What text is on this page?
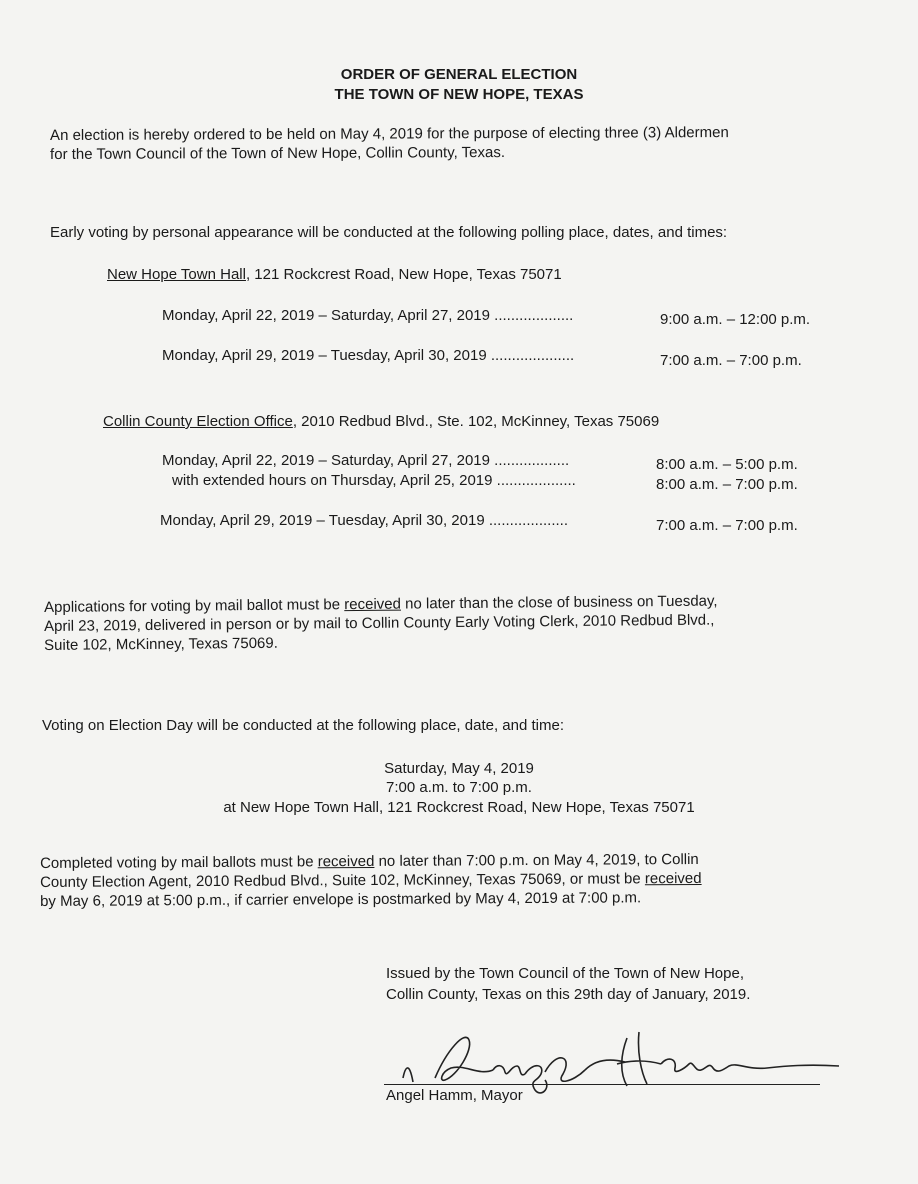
ORDER OF GENERAL ELECTION
THE TOWN OF NEW HOPE, TEXAS
An election is hereby ordered to be held on May 4, 2019 for the purpose of electing three (3) Aldermen
for the Town Council of the Town of New Hope, Collin County, Texas.
Early voting by personal appearance will be conducted at the following polling place, dates, and times:
New Hope Town Hall, 121 Rockcrest Road, New Hope, Texas 75071
Monday, April 22, 2019 – Saturday, April 27, 2019 ...................	9:00 a.m. – 12:00 p.m.
Monday, April 29, 2019 – Tuesday, April 30, 2019 ....................	7:00 a.m. – 7:00 p.m.
Collin County Election Office, 2010 Redbud Blvd., Ste. 102, McKinney, Texas 75069
Monday, April 22, 2019 – Saturday, April 27, 2019 ..................	8:00 a.m. – 5:00 p.m.
with extended hours on Thursday, April 25, 2019 ...................	8:00 a.m. – 7:00 p.m.
Monday, April 29, 2019 – Tuesday, April 30, 2019 ...................	7:00 a.m. – 7:00 p.m.
Applications for voting by mail ballot must be received no later than the close of business on Tuesday,
April 23, 2019, delivered in person or by mail to Collin County Early Voting Clerk, 2010 Redbud Blvd.,
Suite 102, McKinney, Texas 75069.
Voting on Election Day will be conducted at the following place, date, and time:
Saturday, May 4, 2019
7:00 a.m. to 7:00 p.m.
at New Hope Town Hall, 121 Rockcrest Road, New Hope, Texas 75071
Completed voting by mail ballots must be received no later than 7:00 p.m. on May 4, 2019, to Collin
County Election Agent, 2010 Redbud Blvd., Suite 102, McKinney, Texas 75069, or must be received
by May 6, 2019 at 5:00 p.m., if carrier envelope is postmarked by May 4, 2019 at 7:00 p.m.
Issued by the Town Council of the Town of New Hope,
Collin County, Texas on this 29th day of January, 2019.
Angel Hamm, Mayor
